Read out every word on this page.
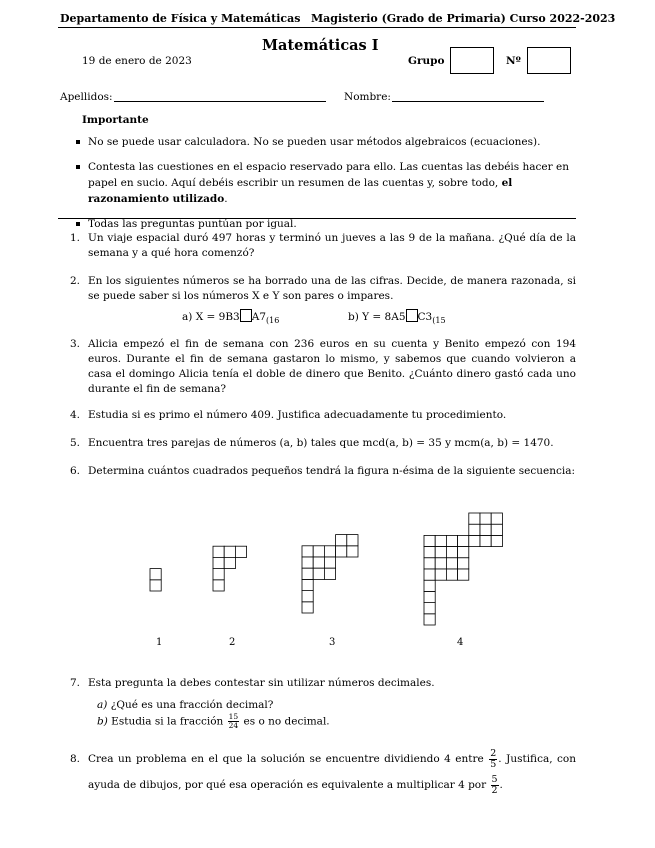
Departamento de Física y Matemáticas Magisterio (Grado de Primaria) Curso 2022-2023
Matemáticas I
19 de enero de 2023	Grupo	Nº
Apellidos:	Nombre:
Importante
No se puede usar calculadora. No se pueden usar métodos algebraicos (ecuaciones).
Contesta las cuestiones en el espacio reservado para ello. Las cuentas las debéis hacer en papel en sucio. Aquí debéis escribir un resumen de las cuentas y, sobre todo, el razonamiento utilizado.
Todas las preguntas puntúan por igual.
1. Un viaje espacial duró 497 horas y terminó un jueves a las 9 de la mañana. ¿Qué día de la semana y a qué hora comenzó?
2. En los siguientes números se ha borrado una de las cifras. Decide, de manera razonada, si se puede saber si los números X e Y son pares o impares.
a) X = 9B3 $A7_{(16}$	b) Y = 8A5 $C3_{(15}$
3. Alicia empezó el fin de semana con 236 euros en su cuenta y Benito empezó con 194 euros. Durante el fin de semana gastaron lo mismo, y sabemos que cuando volvieron a casa el domingo Alicia tenía el doble de dinero que Benito. ¿Cuánto dinero gastó cada uno durante el fin de semana?
4. Estudia si es primo el número 409. Justifica adecuadamente tu procedimiento.
5. Encuentra tres parejas de números (a, b) tales que mcd(a, b) = 35 y mcm(a, b) = 1470.
6. Determina cuántos cuadrados pequeños tendrá la figura n-ésima de la siguiente secuencia:
1	2	3	4
7. Esta pregunta la debes contestar sin utilizar números decimales.
a) ¿Qué es una fracción decimal?
b) Estudia si la fracción $\frac{15}{24}$ es o no decimal.
8. Crea un problema en el que la solución se encuentre dividiendo 4 entre $\frac{2}{5}$ . Justifica, con ayuda de dibujos, por qué esa operación es equivalente a multiplicar 4 por $\frac{5}{2}$ .
